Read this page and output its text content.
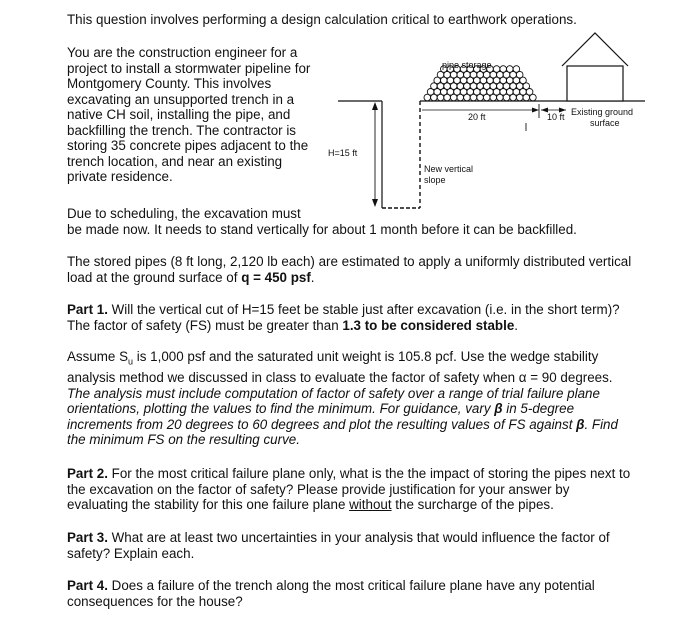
This question involves performing a design calculation critical to earthwork operations.
You are the construction engineer for a
project to install a stormwater pipeline for
Montgomery County. This involves
excavating an unsupported trench in a
native CH soil, installing the pipe, and
backfilling the trench. The contractor is
storing 35 concrete pipes adjacent to the
trench location, and near an existing
private residence.
Due to scheduling, the excavation must
be made now. It needs to stand vertically for about 1 month before it can be backfilled.
H=15 ft
pipe storage
20 ft	10 ft Existing ground
surface
New vertical
slope
The stored pipes (8 ft long, 2,120 lb each) are estimated to apply a uniformly distributed vertical
load at the ground surface of q = 450 psf.
Part 1. Will the vertical cut of H=15 feet be stable just after excavation (i.e. in the short term)?
The factor of safety (FS) must be greater than 1.3 to be considered stable.
Assume $S_u$ is 1,000 psf and the saturated unit weight is 105.8 pcf. Use the wedge stability
analysis method we discussed in class to evaluate the factor of safety when α = 90 degrees.
The analysis must include computation of factor of safety over a range of trial failure plane
orientations, plotting the values to find the minimum. For guidance, vary β in 5-degree
increments from 20 degrees to 60 degrees and plot the resulting values of FS against β. Find
the minimum FS on the resulting curve.
Part 2. For the most critical failure plane only, what is the the impact of storing the pipes next to
the excavation on the factor of safety? Please provide justification for your answer by
evaluating the stability for this one failure plane without the surcharge of the pipes.
Part 3. What are at least two uncertainties in your analysis that would influence the factor of
safety? Explain each.
Part 4. Does a failure of the trench along the most critical failure plane have any potential
consequences for the house?
